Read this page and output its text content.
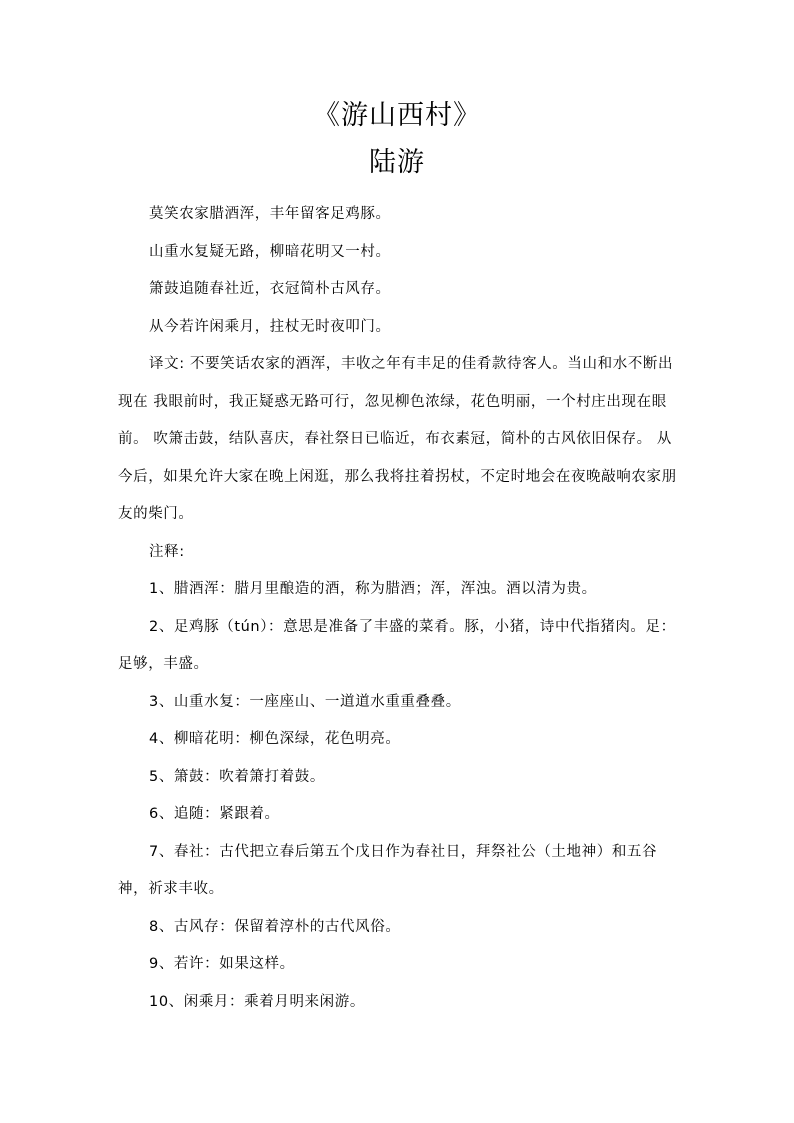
《游山西村》
陆游

莫笑农家腊酒浑，丰年留客足鸡豚。

山重水复疑无路，柳暗花明又一村。

箫鼓追随春社近，衣冠简朴古风存。

从今若许闲乘月，拄杖无时夜叩门。

译文: 不要笑话农家的酒浑，丰收之年有丰足的佳肴款待客人。当山和水不断出现在 我眼前时，我正疑惑无路可行，忽见柳色浓绿，花色明丽，一个村庄出现在眼前。 吹箫击鼓，结队喜庆，春社祭日已临近，布衣素冠，简朴的古风依旧保存。 从今后，如果允许大家在晚上闲逛，那么我将拄着拐杖，不定时地会在夜晚敲响农家朋友的柴门。

注释:

1、腊酒浑：腊月里酿造的酒，称为腊酒；浑，浑浊。酒以清为贵。

2、足鸡豚（tún）：意思是准备了丰盛的菜肴。豚，小猪，诗中代指猪肉。足：足够，丰盛。

3、山重水复：一座座山、一道道水重重叠叠。

4、柳暗花明：柳色深绿，花色明亮。

5、箫鼓：吹着箫打着鼓。

6、追随：紧跟着。

7、春社：古代把立春后第五个戊日作为春社日，拜祭社公（土地神）和五谷神，祈求丰收。

8、古风存：保留着淳朴的古代风俗。

9、若许：如果这样。

10、闲乘月：乘着月明来闲游。
